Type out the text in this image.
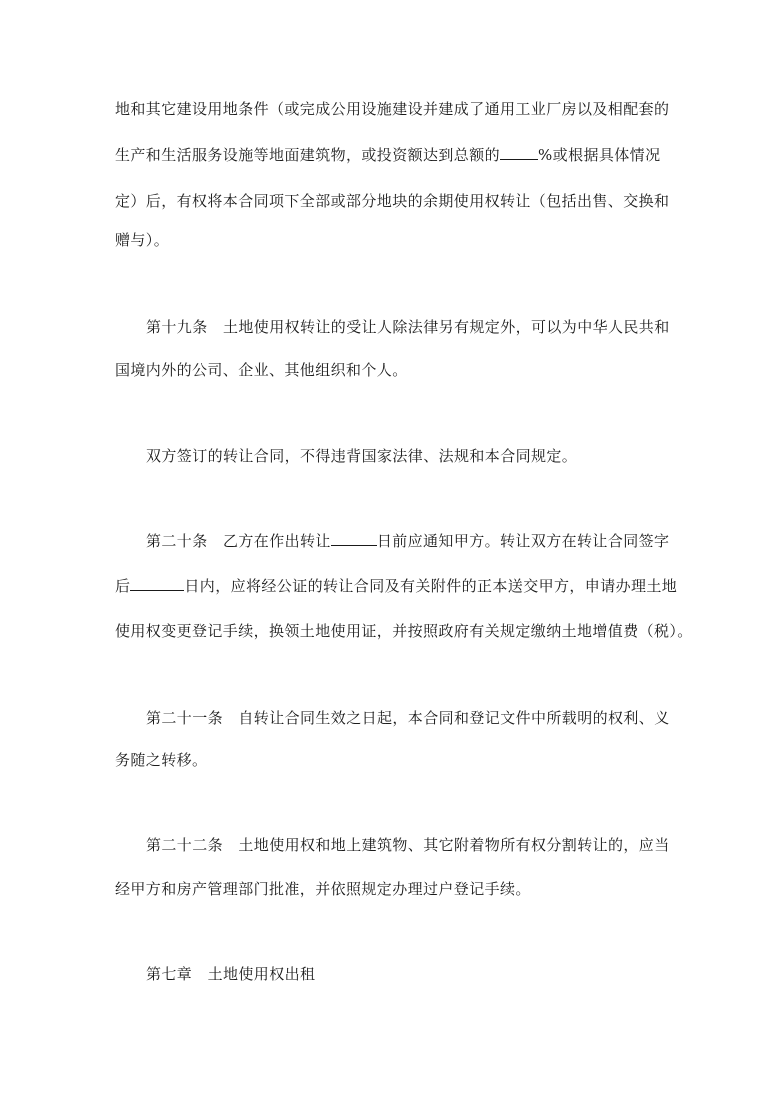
地和其它建设用地条件（或完成公用设施建设并建成了通用工业厂房以及相配套的
生产和生活服务设施等地面建筑物，或投资额达到总额的	%或根据具体情况
定）后，有权将本合同项下全部或部分地块的余期使用权转让（包括出售、交换和
赠与）。
第十九条　土地使用权转让的受让人除法律另有规定外，可以为中华人民共和
国境内外的公司、企业、其他组织和个人。
双方签订的转让合同，不得违背国家法律、法规和本合同规定。
第二十条　乙方在作出转让	日前应通知甲方。转让双方在转让合同签字
后	日内，应将经公证的转让合同及有关附件的正本送交甲方，申请办理土地
使用权变更登记手续，换领土地使用证，并按照政府有关规定缴纳土地增值费（税）。
第二十一条　自转让合同生效之日起，本合同和登记文件中所载明的权利、义
务随之转移。
第二十二条　土地使用权和地上建筑物、其它附着物所有权分割转让的，应当
经甲方和房产管理部门批准，并依照规定办理过户登记手续。
第七章　土地使用权出租
